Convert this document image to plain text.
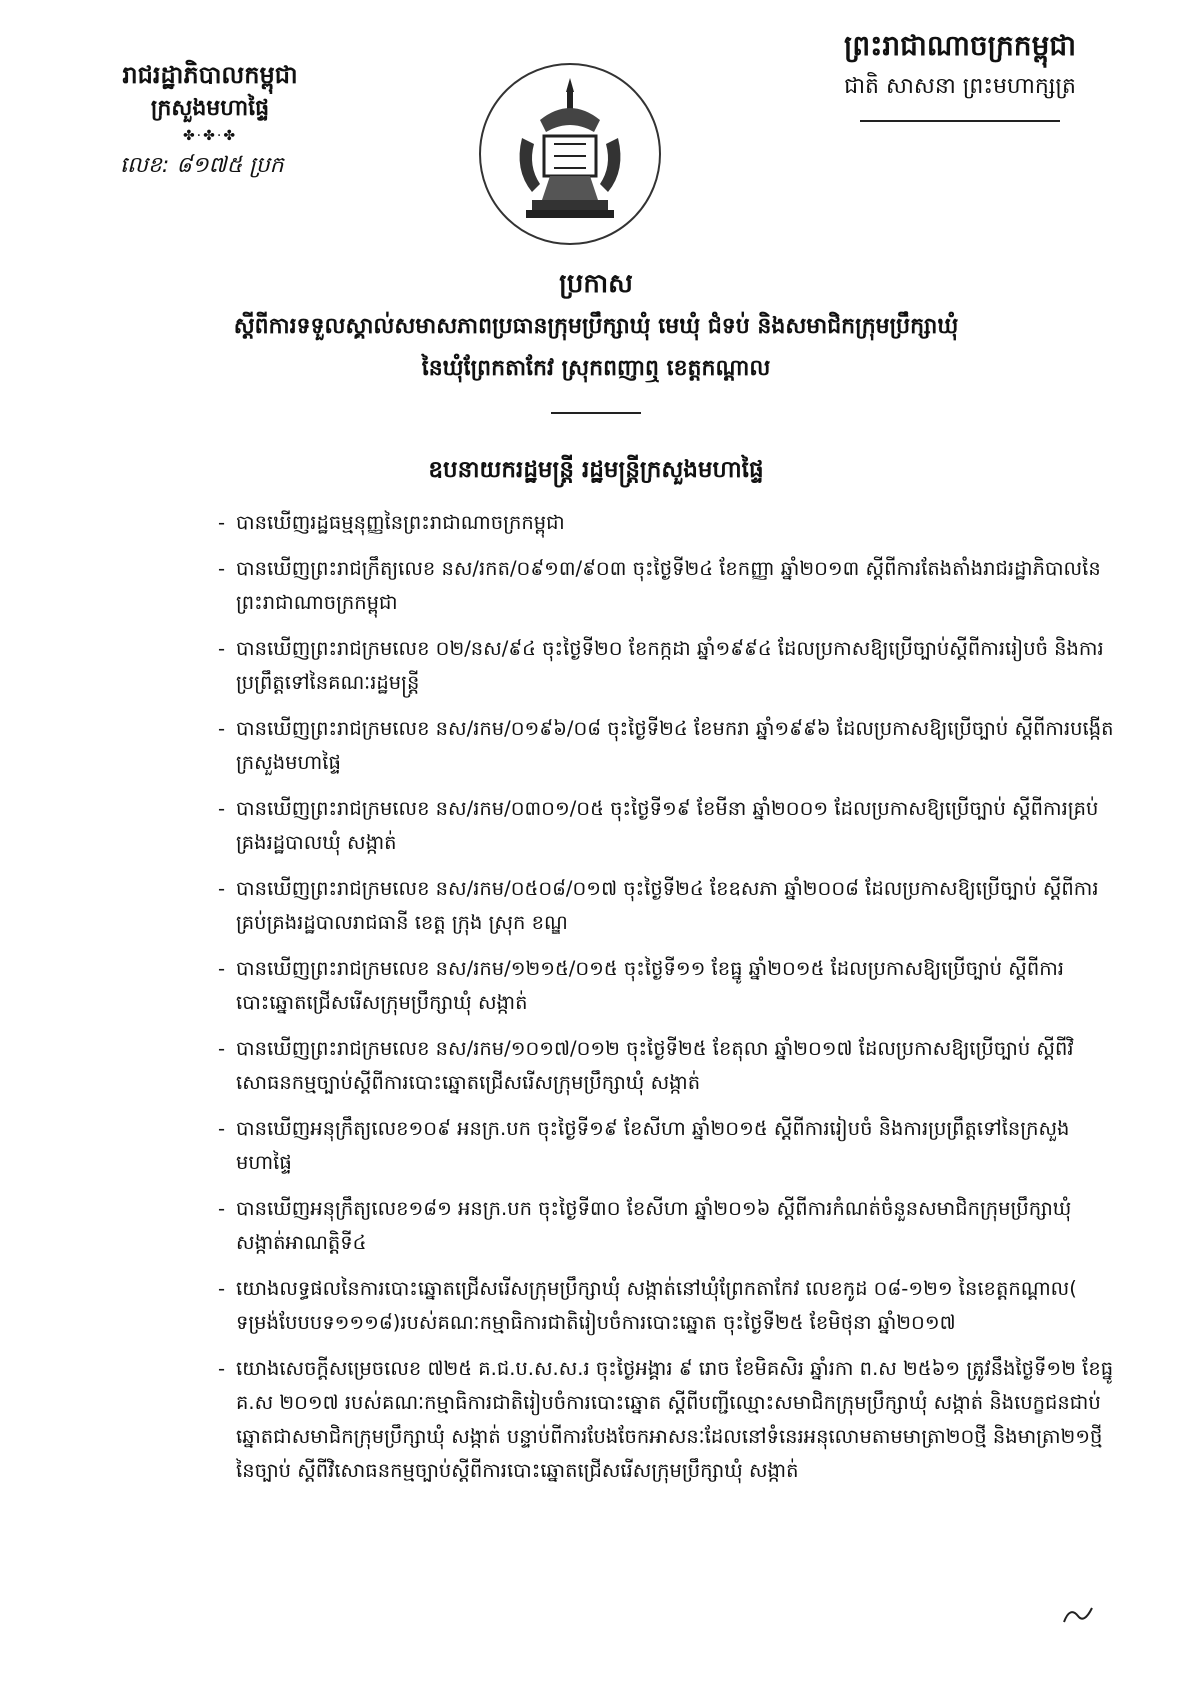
រាជរដ្ឋាភិបាលកម្ពុជា
ក្រសួងមហាផ្ទៃ
✤·✤·✤
លេខ: ៨១៧៥ ប្រក
ព្រះរាជាណាចក្រកម្ពុជា
ជាតិ សាសនា ព្រះមហាក្សត្រ
ប្រកាស
ស្តីពីការទទួលស្គាល់សមាសភាពប្រធានក្រុមប្រឹក្សាឃុំ មេឃុំ ជំទប់ និងសមាជិកក្រុមប្រឹក្សាឃុំ
នៃឃុំព្រែកតាកែវ ស្រុកពញាឮ ខេត្តកណ្តាល
ឧបនាយករដ្ឋមន្ត្រី រដ្ឋមន្ត្រីក្រសួងមហាផ្ទៃ
- បានឃើញរដ្ឋធម្មនុញ្ញនៃព្រះរាជាណាចក្រកម្ពុជា
- បានឃើញព្រះរាជក្រឹត្យលេខ នស/រកត/០៩១៣/៩០៣ ចុះថ្ងៃទី២៤ ខែកញ្ញា ឆ្នាំ២០១៣ ស្តីពីការតែងតាំងរាជរដ្ឋាភិបាលនៃព្រះរាជាណាចក្រកម្ពុជា
- បានឃើញព្រះរាជក្រមលេខ ០២/នស/៩៤ ចុះថ្ងៃទី២០ ខែកក្កដា ឆ្នាំ១៩៩៤ ដែលប្រកាសឱ្យប្រើច្បាប់ស្តីពីការរៀបចំ និងការប្រព្រឹត្តទៅនៃគណៈរដ្ឋមន្ត្រី
- បានឃើញព្រះរាជក្រមលេខ នស/រកម/០១៩៦/០៨ ចុះថ្ងៃទី២៤ ខែមករា ឆ្នាំ១៩៩៦ ដែលប្រកាសឱ្យប្រើច្បាប់ ស្តីពីការបង្កើតក្រសួងមហាផ្ទៃ
- បានឃើញព្រះរាជក្រមលេខ នស/រកម/០៣០១/០៥ ចុះថ្ងៃទី១៩ ខែមីនា ឆ្នាំ២០០១ ដែលប្រកាសឱ្យប្រើច្បាប់ ស្តីពីការគ្រប់គ្រងរដ្ឋបាលឃុំ សង្កាត់
- បានឃើញព្រះរាជក្រមលេខ នស/រកម/០៥០៨/០១៧ ចុះថ្ងៃទី២៤ ខែឧសភា ឆ្នាំ២០០៨ ដែលប្រកាសឱ្យប្រើច្បាប់ ស្តីពីការគ្រប់គ្រងរដ្ឋបាលរាជធានី ខេត្ត ក្រុង ស្រុក ខណ្ឌ
- បានឃើញព្រះរាជក្រមលេខ នស/រកម/១២១៥/០១៥ ចុះថ្ងៃទី១១ ខែធ្នូ ឆ្នាំ២០១៥ ដែលប្រកាសឱ្យប្រើច្បាប់ ស្តីពីការបោះឆ្នោតជ្រើសរើសក្រុមប្រឹក្សាឃុំ សង្កាត់
- បានឃើញព្រះរាជក្រមលេខ នស/រកម/១០១៧/០១២ ចុះថ្ងៃទី២៥ ខែតុលា ឆ្នាំ២០១៧ ដែលប្រកាសឱ្យប្រើច្បាប់ ស្តីពីវិសោធនកម្មច្បាប់ស្តីពីការបោះឆ្នោតជ្រើសរើសក្រុមប្រឹក្សាឃុំ សង្កាត់
- បានឃើញអនុក្រឹត្យលេខ១០៩ អនក្រ.បក ចុះថ្ងៃទី១៩ ខែសីហា ឆ្នាំ២០១៥ ស្តីពីការរៀបចំ និងការប្រព្រឹត្តទៅនៃក្រសួងមហាផ្ទៃ
- បានឃើញអនុក្រឹត្យលេខ១៨១ អនក្រ.បក ចុះថ្ងៃទី៣០ ខែសីហា ឆ្នាំ២០១៦ ស្តីពីការកំណត់ចំនួនសមាជិកក្រុមប្រឹក្សាឃុំ សង្កាត់អាណត្តិទី៤
- យោងលទ្ធផលនៃការបោះឆ្នោតជ្រើសរើសក្រុមប្រឹក្សាឃុំ សង្កាត់នៅឃុំព្រែកតាកែវ លេខកូដ ០៨-១២១ នៃខេត្តកណ្តាល( ទម្រង់បែបបទ១១១៨)របស់គណៈកម្មាធិការជាតិរៀបចំការបោះឆ្នោត ចុះថ្ងៃទី២៥ ខែមិថុនា ឆ្នាំ២០១៧
- យោងសេចក្តីសម្រេចលេខ ៧២៥ គ.ជ.ប.ស.ស.រ ចុះថ្ងៃអង្គារ ៩ រោច ខែមិគសិរ ឆ្នាំរកា ព.ស ២៥៦១ ត្រូវនឹងថ្ងៃទី១២ ខែធ្នូ គ.ស ២០១៧ របស់គណៈកម្មាធិការជាតិរៀបចំការបោះឆ្នោត ស្តីពីបញ្ជីឈ្មោះសមាជិកក្រុមប្រឹក្សាឃុំ សង្កាត់ និងបេក្ខជនជាប់ឆ្នោតជាសមាជិកក្រុមប្រឹក្សាឃុំ សង្កាត់ បន្ទាប់ពីការបែងចែកអាសនៈដែលនៅទំនេរអនុលោមតាមមាត្រា២០ថ្មី និងមាត្រា២១ថ្មី នៃច្បាប់ ស្តីពីវិសោធនកម្មច្បាប់ស្តីពីការបោះឆ្នោតជ្រើសរើសក្រុមប្រឹក្សាឃុំ សង្កាត់
